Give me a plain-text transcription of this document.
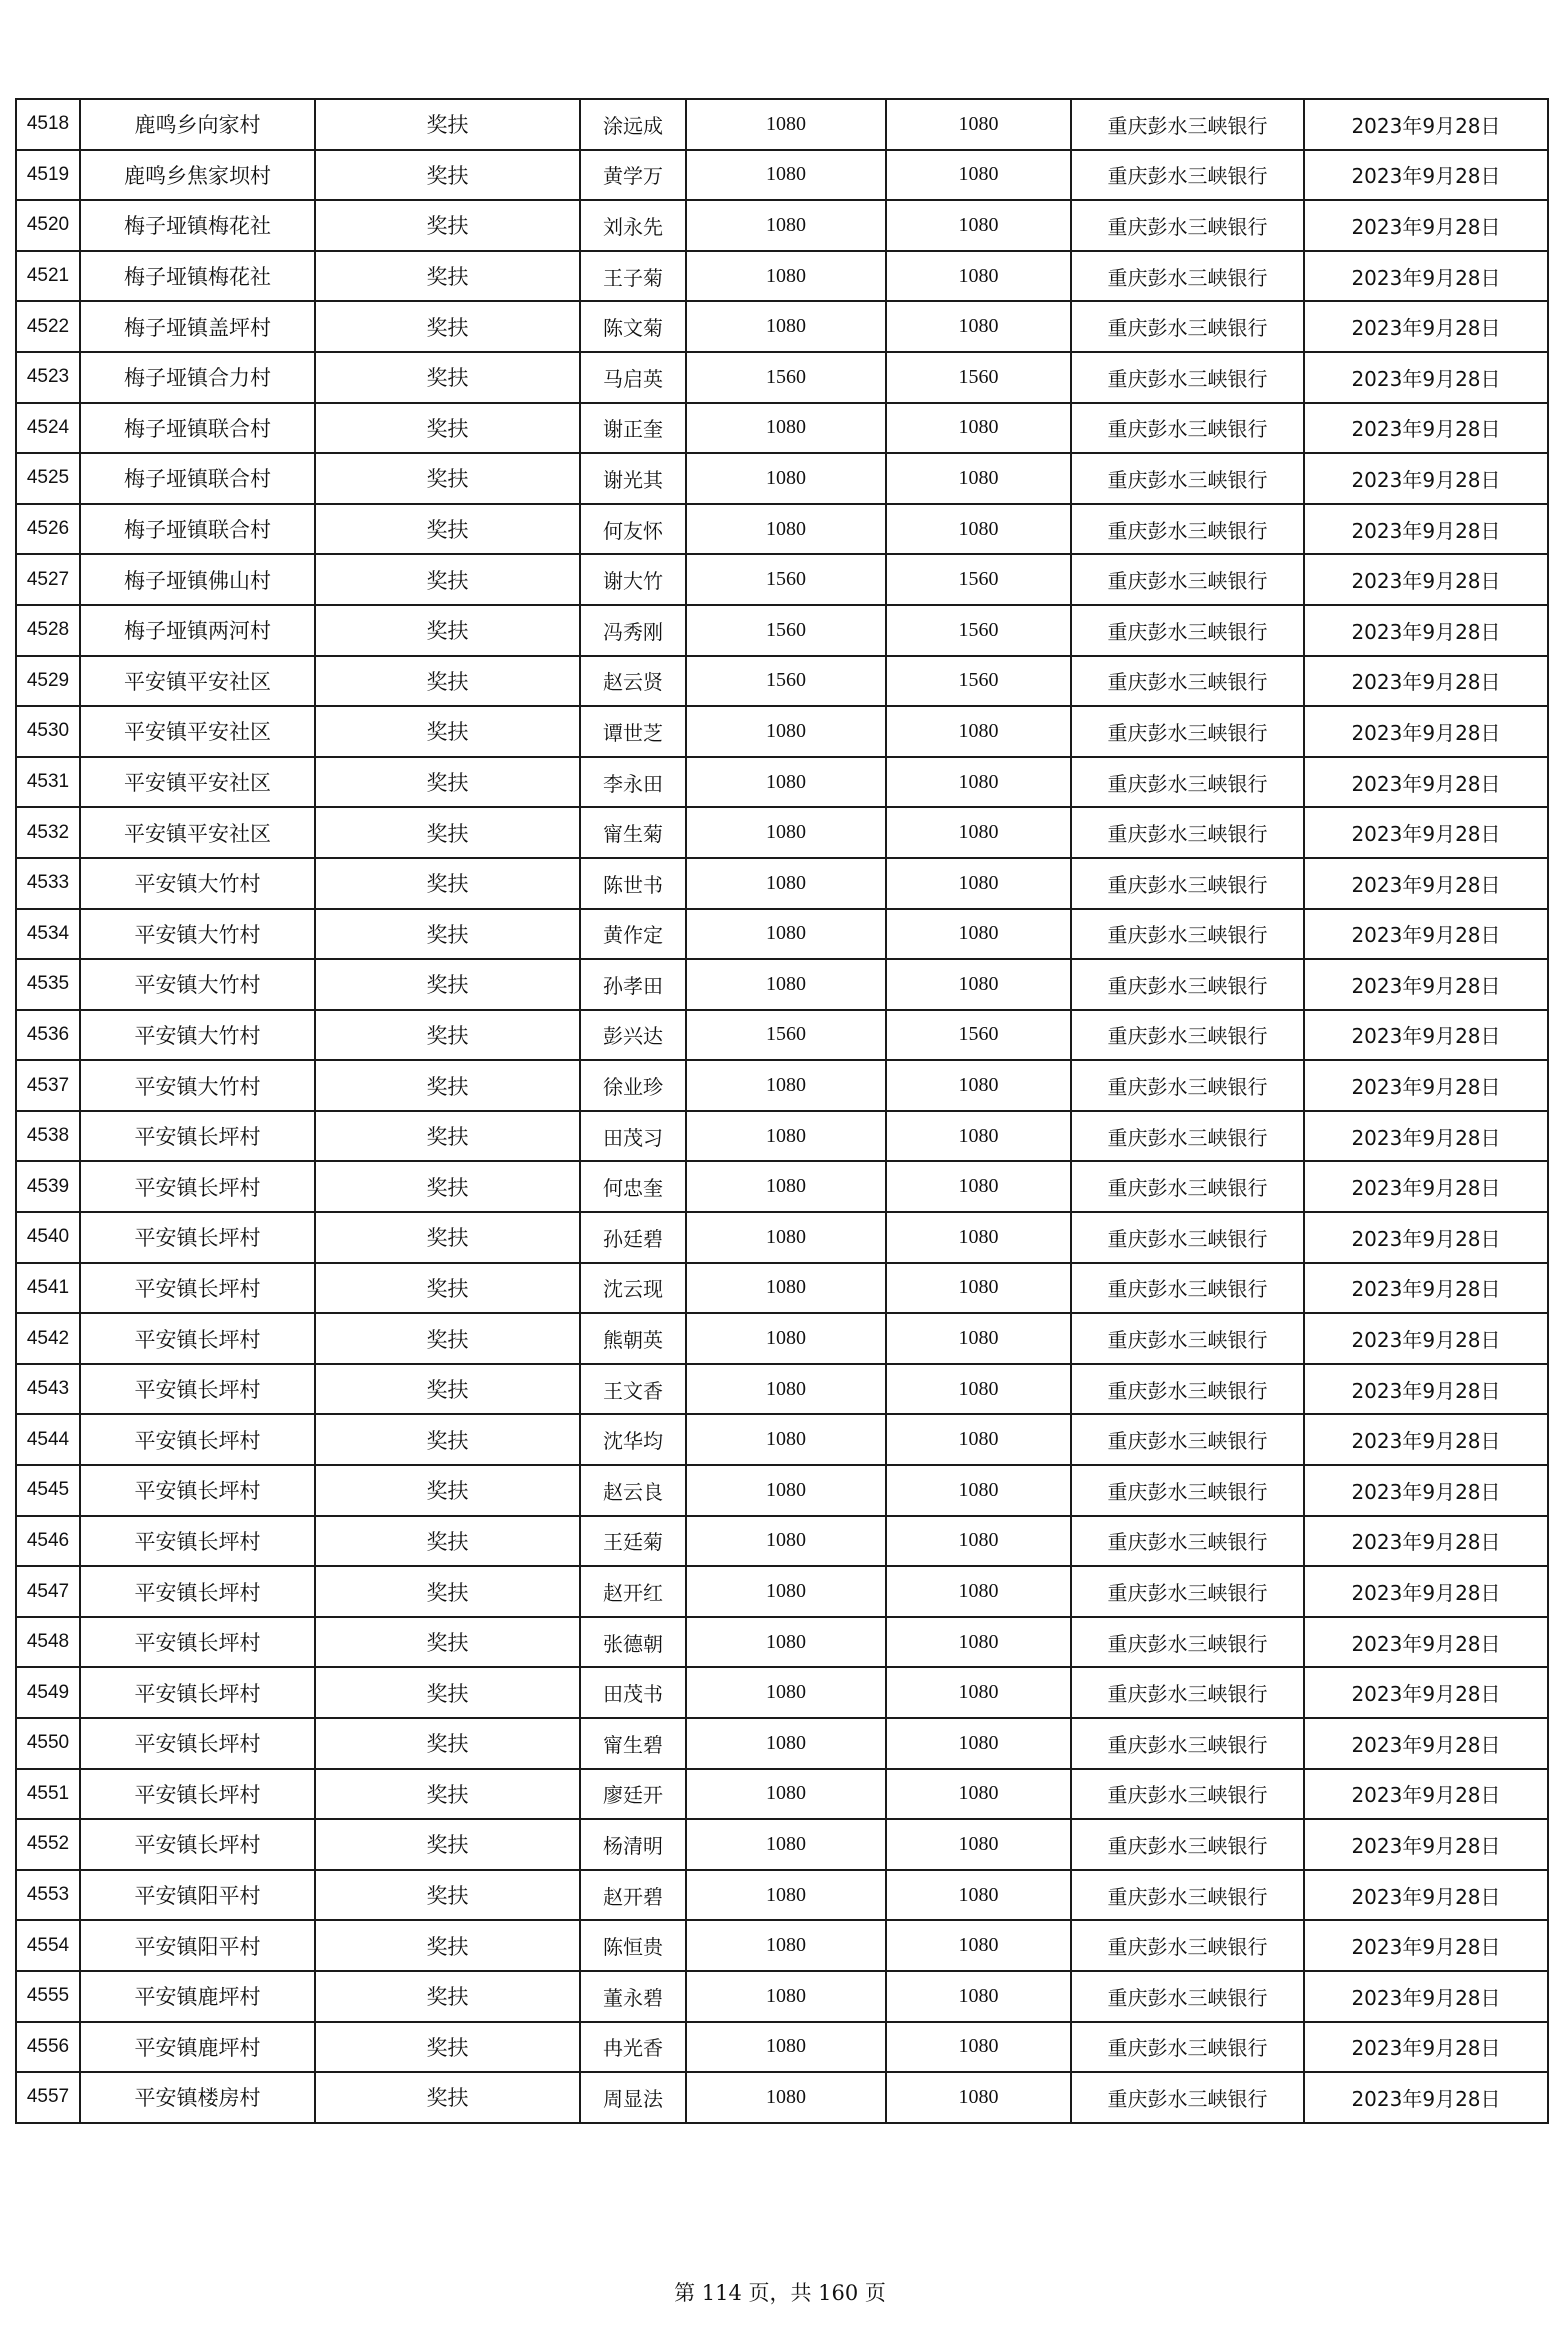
4518	鹿鸣乡向家村	奖扶	涂远成	1080	1080	重庆彭水三峡银行	2023年9月28日
4519	鹿鸣乡焦家坝村	奖扶	黄学万	1080	1080	重庆彭水三峡银行	2023年9月28日
4520	梅子垭镇梅花社	奖扶	刘永先	1080	1080	重庆彭水三峡银行	2023年9月28日
4521	梅子垭镇梅花社	奖扶	王子菊	1080	1080	重庆彭水三峡银行	2023年9月28日
4522	梅子垭镇盖坪村	奖扶	陈文菊	1080	1080	重庆彭水三峡银行	2023年9月28日
4523	梅子垭镇合力村	奖扶	马启英	1560	1560	重庆彭水三峡银行	2023年9月28日
4524	梅子垭镇联合村	奖扶	谢正奎	1080	1080	重庆彭水三峡银行	2023年9月28日
4525	梅子垭镇联合村	奖扶	谢光其	1080	1080	重庆彭水三峡银行	2023年9月28日
4526	梅子垭镇联合村	奖扶	何友怀	1080	1080	重庆彭水三峡银行	2023年9月28日
4527	梅子垭镇佛山村	奖扶	谢大竹	1560	1560	重庆彭水三峡银行	2023年9月28日
4528	梅子垭镇两河村	奖扶	冯秀刚	1560	1560	重庆彭水三峡银行	2023年9月28日
4529	平安镇平安社区	奖扶	赵云贤	1560	1560	重庆彭水三峡银行	2023年9月28日
4530	平安镇平安社区	奖扶	谭世芝	1080	1080	重庆彭水三峡银行	2023年9月28日
4531	平安镇平安社区	奖扶	李永田	1080	1080	重庆彭水三峡银行	2023年9月28日
4532	平安镇平安社区	奖扶	甯生菊	1080	1080	重庆彭水三峡银行	2023年9月28日
4533	平安镇大竹村	奖扶	陈世书	1080	1080	重庆彭水三峡银行	2023年9月28日
4534	平安镇大竹村	奖扶	黄作定	1080	1080	重庆彭水三峡银行	2023年9月28日
4535	平安镇大竹村	奖扶	孙孝田	1080	1080	重庆彭水三峡银行	2023年9月28日
4536	平安镇大竹村	奖扶	彭兴达	1560	1560	重庆彭水三峡银行	2023年9月28日
4537	平安镇大竹村	奖扶	徐业珍	1080	1080	重庆彭水三峡银行	2023年9月28日
4538	平安镇长坪村	奖扶	田茂习	1080	1080	重庆彭水三峡银行	2023年9月28日
4539	平安镇长坪村	奖扶	何忠奎	1080	1080	重庆彭水三峡银行	2023年9月28日
4540	平安镇长坪村	奖扶	孙廷碧	1080	1080	重庆彭水三峡银行	2023年9月28日
4541	平安镇长坪村	奖扶	沈云现	1080	1080	重庆彭水三峡银行	2023年9月28日
4542	平安镇长坪村	奖扶	熊朝英	1080	1080	重庆彭水三峡银行	2023年9月28日
4543	平安镇长坪村	奖扶	王文香	1080	1080	重庆彭水三峡银行	2023年9月28日
4544	平安镇长坪村	奖扶	沈华均	1080	1080	重庆彭水三峡银行	2023年9月28日
4545	平安镇长坪村	奖扶	赵云良	1080	1080	重庆彭水三峡银行	2023年9月28日
4546	平安镇长坪村	奖扶	王廷菊	1080	1080	重庆彭水三峡银行	2023年9月28日
4547	平安镇长坪村	奖扶	赵开红	1080	1080	重庆彭水三峡银行	2023年9月28日
4548	平安镇长坪村	奖扶	张德朝	1080	1080	重庆彭水三峡银行	2023年9月28日
4549	平安镇长坪村	奖扶	田茂书	1080	1080	重庆彭水三峡银行	2023年9月28日
4550	平安镇长坪村	奖扶	甯生碧	1080	1080	重庆彭水三峡银行	2023年9月28日
4551	平安镇长坪村	奖扶	廖廷开	1080	1080	重庆彭水三峡银行	2023年9月28日
4552	平安镇长坪村	奖扶	杨清明	1080	1080	重庆彭水三峡银行	2023年9月28日
4553	平安镇阳平村	奖扶	赵开碧	1080	1080	重庆彭水三峡银行	2023年9月28日
4554	平安镇阳平村	奖扶	陈恒贵	1080	1080	重庆彭水三峡银行	2023年9月28日
4555	平安镇鹿坪村	奖扶	董永碧	1080	1080	重庆彭水三峡银行	2023年9月28日
4556	平安镇鹿坪村	奖扶	冉光香	1080	1080	重庆彭水三峡银行	2023年9月28日
4557	平安镇楼房村	奖扶	周显法	1080	1080	重庆彭水三峡银行	2023年9月28日
第 114 页，共 160 页
